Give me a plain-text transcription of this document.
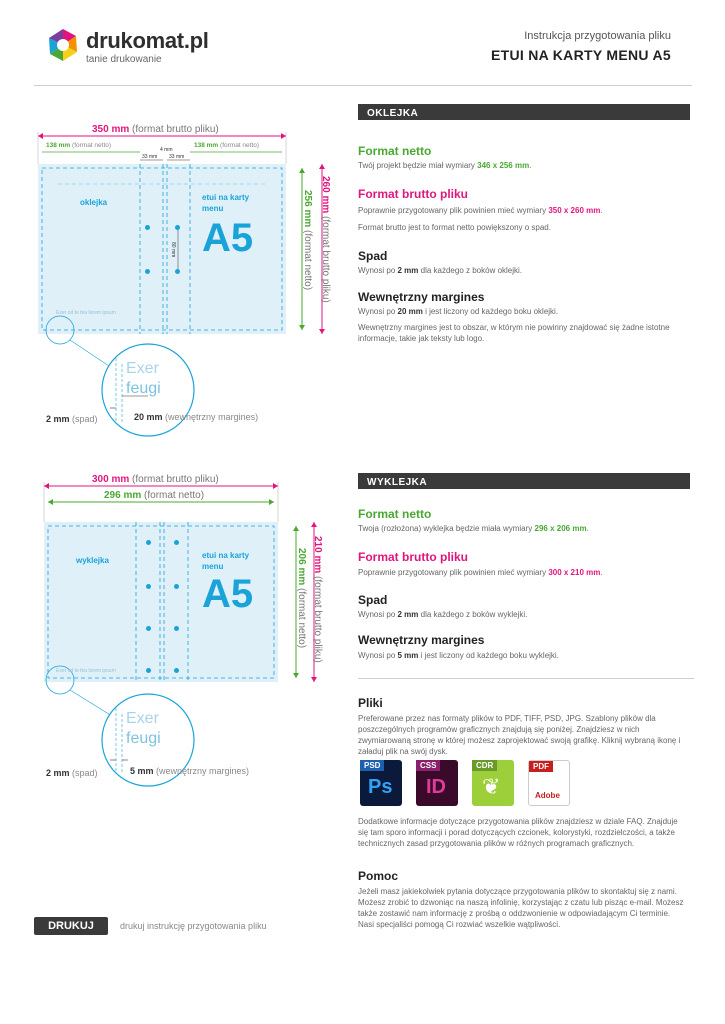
drukomat.pl
tanie drukowanie
Instrukcja przygotowania pliku
ETUI NA KARTY MENU A5
350 mm (format brutto pliku)
138 mm (format netto)	138 mm (format netto)
4 mm
33 mm 33 mm
oklejka
etui na karty menu
A5
80 mm
260 mm (format brutto pliku)
256 mm (format netto)
Exer od te feu lorem ipsum
Exer
feugi
2 mm (spad)	20 mm (wewnętrzny margines)
OKLEJKA
Format netto
Twój projekt będzie miał wymiary 346 x 256 mm.
Format brutto pliku
Poprawnie przygotowany plik powinien mieć wymiary 350 x 260 mm.
Format brutto jest to format netto powiększony o spad.
Spad
Wynosi po 2 mm dla każdego z boków oklejki.
Wewnętrzny margines
Wynosi po 20 mm i jest liczony od każdego boku oklejki.
Wewnętrzny margines jest to obszar, w którym nie powinny znajdować się żadne istotne informacje, takie jak teksty lub logo.
300 mm (format brutto pliku)
296 mm (format netto)
wyklejka
etui na karty menu
A5
210 mm (format brutto pliku)
206 mm (format netto)
Exer od te feu lorem ipsum
Exer
feugi
2 mm (spad)	5 mm (wewnętrzny margines)
WYKLEJKA
Format netto
Twoja (rozłożona) wyklejka będzie miała wymiary 296 x 206 mm.
Format brutto pliku
Poprawnie przygotowany plik powinien mieć wymiary 300 x 210 mm.
Spad
Wynosi po 2 mm dla każdego z boków wyklejki.
Wewnętrzny margines
Wynosi po 5 mm i jest liczony od każdego boku wyklejki.
Pliki
Preferowane przez nas formaty plików to PDF, TIFF, PSD, JPG. Szablony plików dla poszczególnych programów graficznych znajdują się poniżej. Znajdziesz w nich zwymiarowaną stronę w której możesz zaprojektować swoją grafikę. Kliknij wybraną ikonę i załaduj plik na swój dysk.
PSD
Ps
CSS
ID
CDR
❦
PDF
Adobe
Dodatkowe informacje dotyczące przygotowania plików znajdziesz w dziale FAQ. Znajduje się tam sporo informacji i porad dotyczących czcionek, kolorystyki, rozdzielczości, a także technicznych zasad przygotowania plików w różnych programach graficznych.
Pomoc
Jeżeli masz jakiekolwiek pytania dotyczące przygotowania plików to skontaktuj się z nami. Możesz zrobić to dzwoniąc na naszą infolinię, korzystając z czatu lub pisząc e-mail. Możesz także zostawić nam informację z prośbą o oddzwonienie w odpowiadającym Ci terminie. Nasi specjaliści pomogą Ci rozwiać wszelkie wątpliwości.
DRUKUJ	drukuj instrukcję przygotowania pliku
